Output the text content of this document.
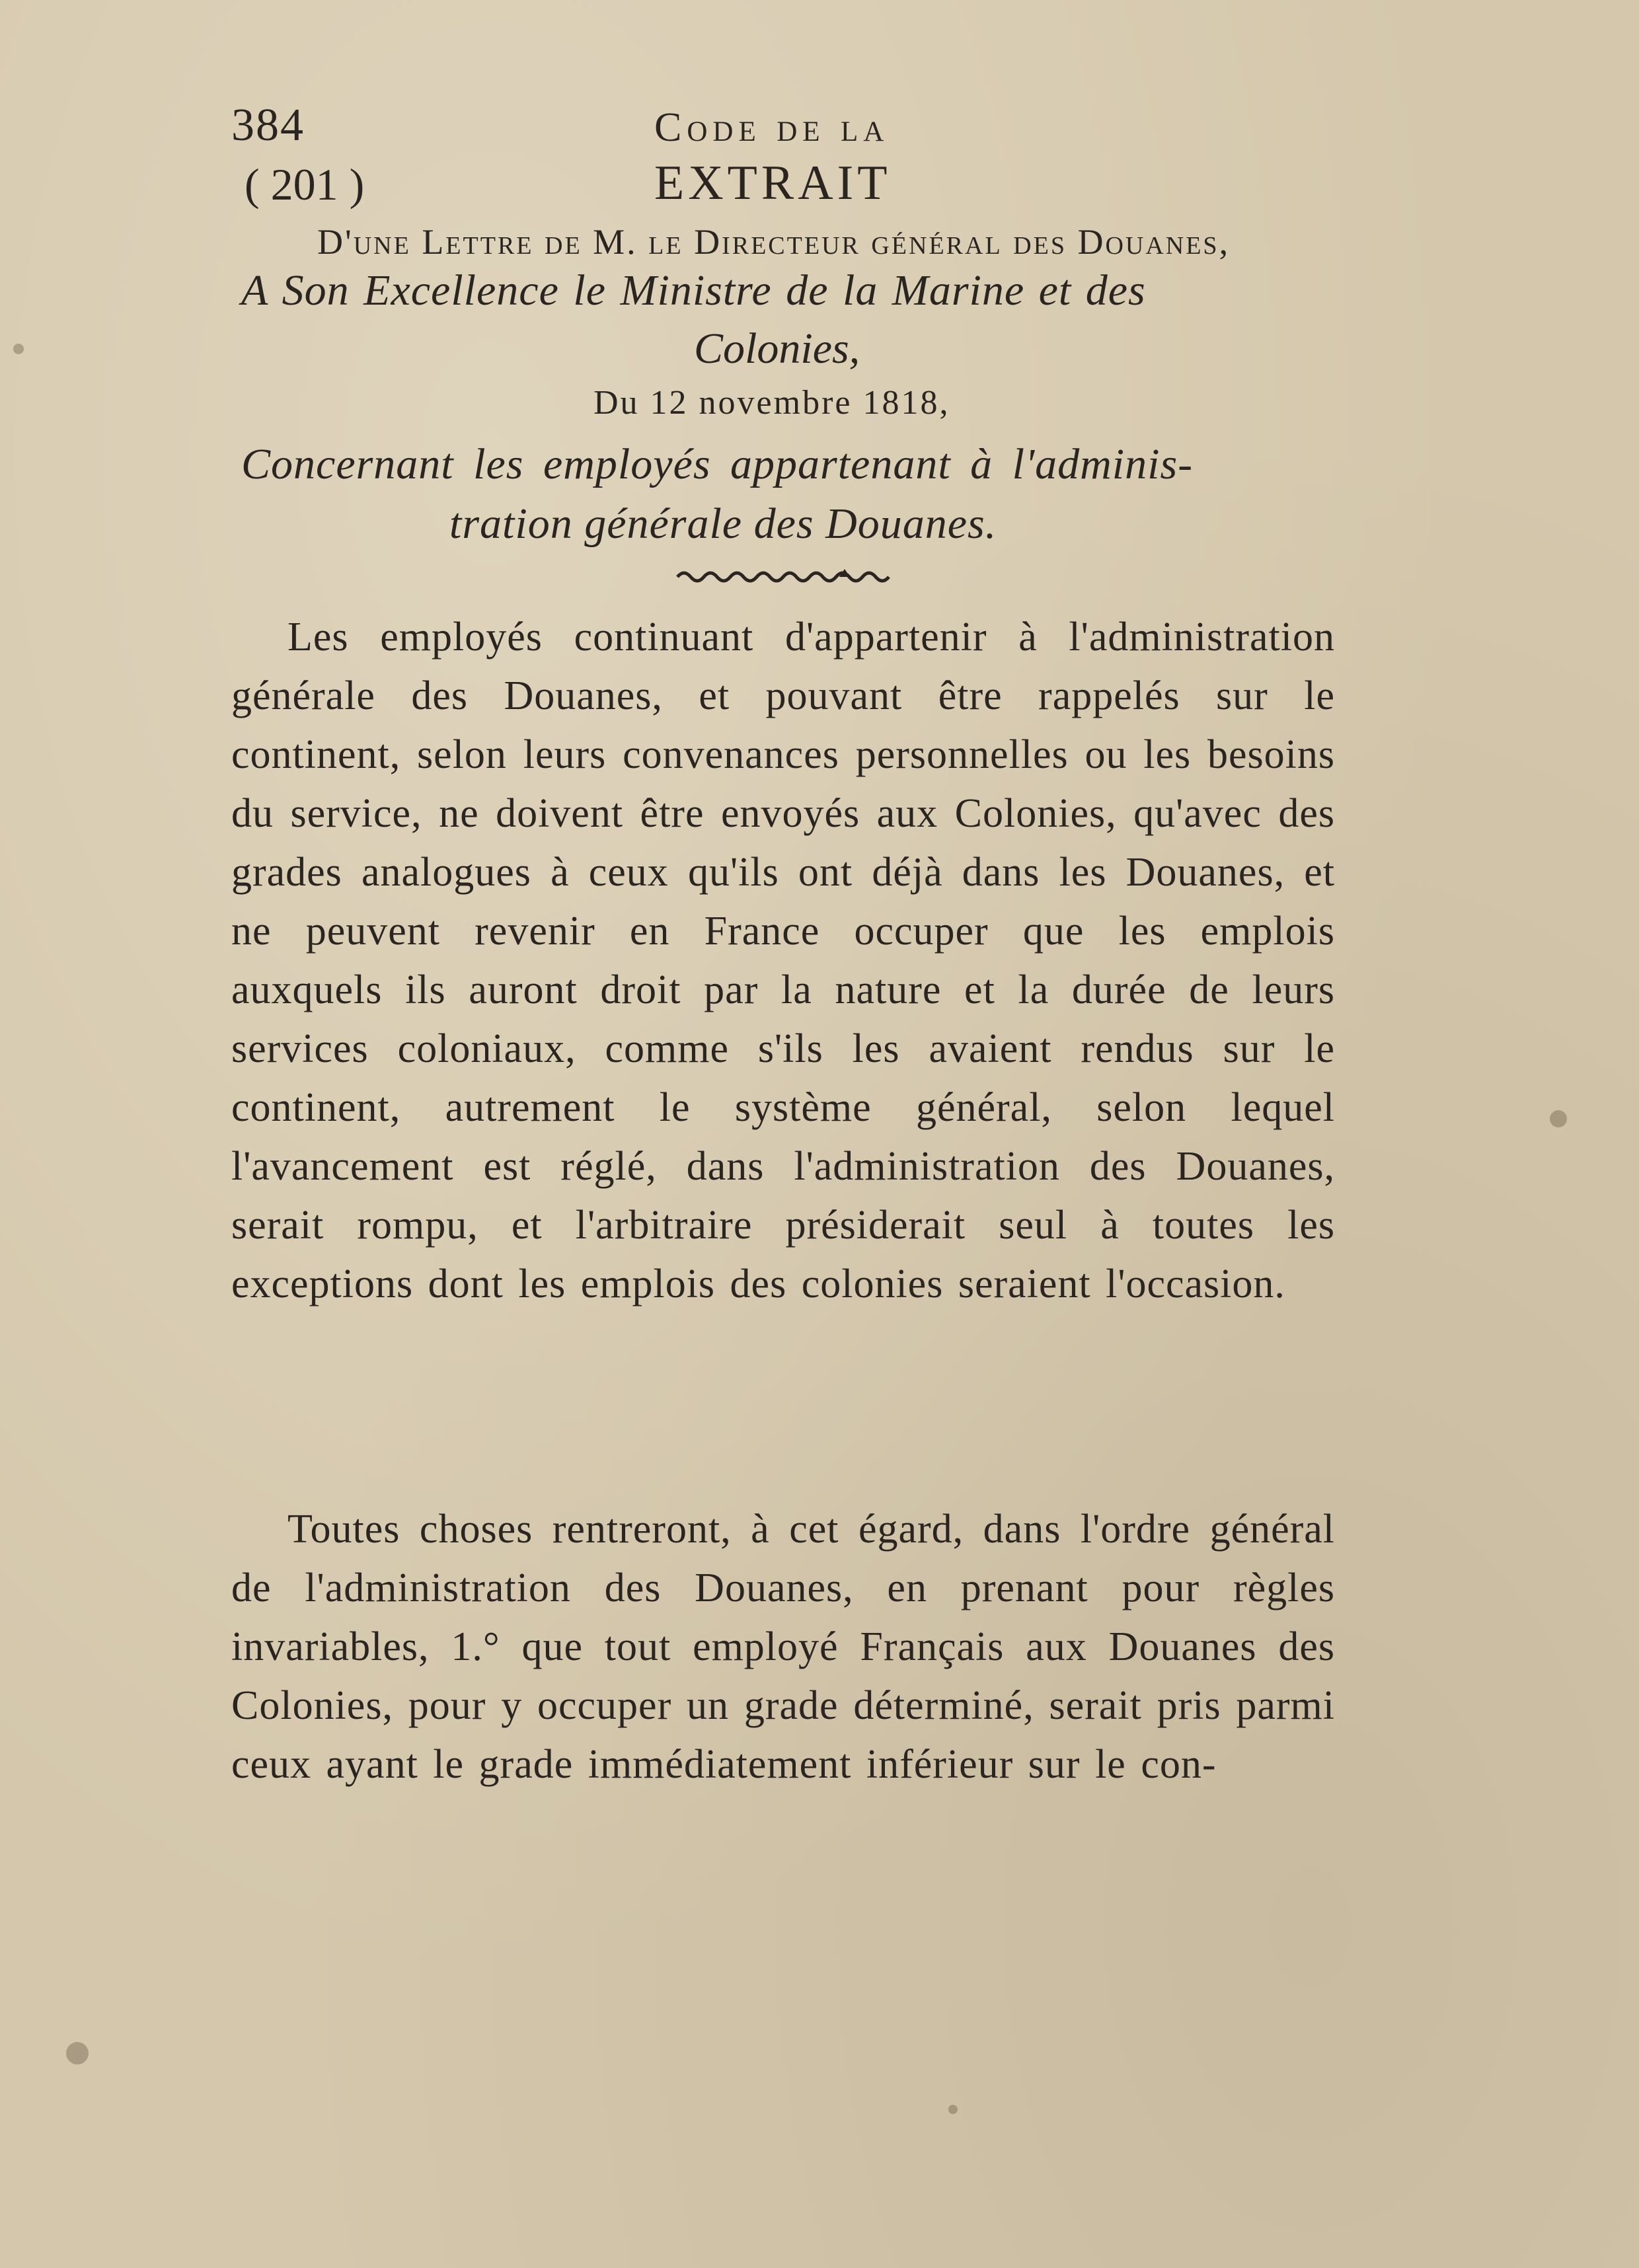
384	Code de la
( 201 )	EXTRAIT
D'une Lettre de M. le Directeur général des Douanes,
A Son Excellence le Ministre de la Marine et des
Colonies,
Du 12 novembre 1818,
Concernant les employés appartenant à l'adminis-
tration générale des Douanes.

Les employés continuant d'appartenir à l'administration générale des Douanes, et pouvant être rappelés sur le continent, selon leurs convenances personnelles ou les besoins du service, ne doivent être envoyés aux Colonies, qu'avec des grades analogues à ceux qu'ils ont déjà dans les Douanes, et ne peuvent revenir en France occuper que les emplois auxquels ils auront droit par la nature et la durée de leurs services coloniaux, comme s'ils les avaient rendus sur le continent, autrement le système général, selon lequel l'avancement est réglé, dans l'administration des Douanes, serait rompu, et l'arbitraire présiderait seul à toutes les exceptions dont les emplois des colonies seraient l'occasion.

Toutes choses rentreront, à cet égard, dans l'ordre général de l'administration des Douanes, en prenant pour règles invariables, 1.° que tout employé Français aux Douanes des Colonies, pour y occuper un grade déterminé, serait pris parmi ceux ayant le grade immédiatement inférieur sur le con-
